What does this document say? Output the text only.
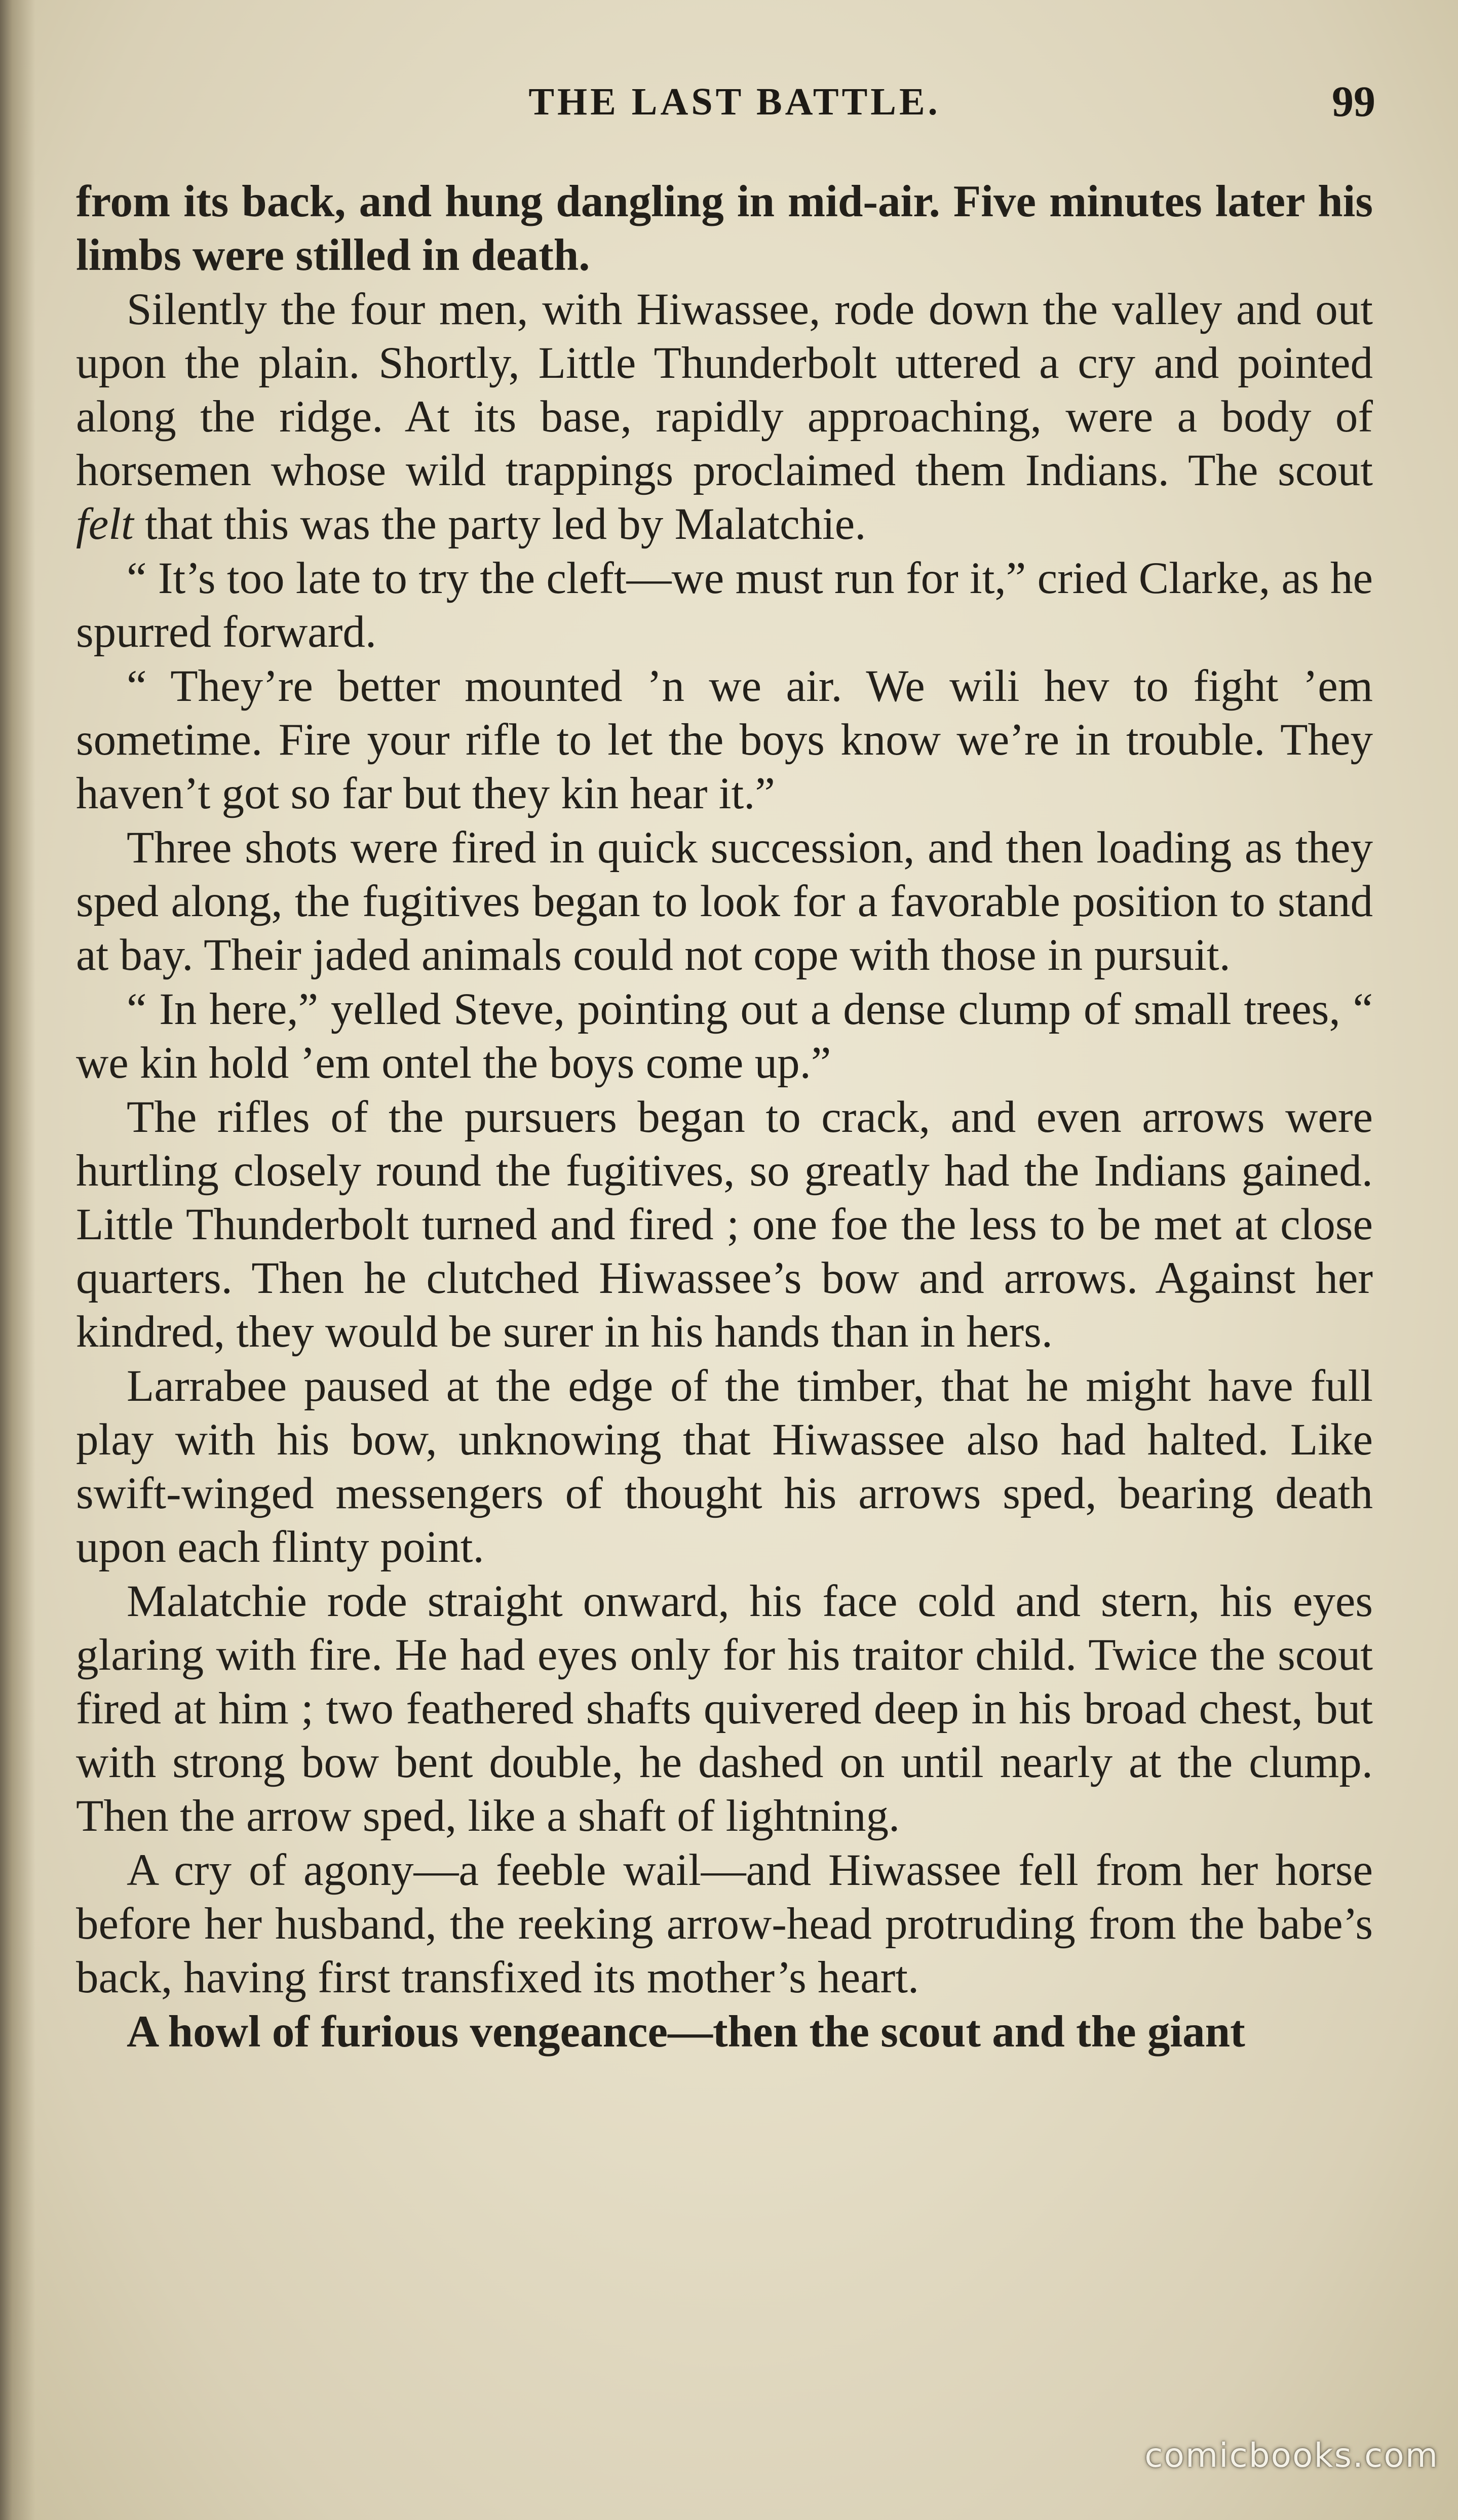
THE LAST BATTLE.	99

from its back, and hung dangling in mid-air. Five minutes later his limbs were stilled in death.

Silently the four men, with Hiwassee, rode down the valley and out upon the plain. Shortly, Little Thunderbolt uttered a cry and pointed along the ridge. At its base, rapidly approaching, were a body of horsemen whose wild trappings proclaimed them Indians. The scout felt that this was the party led by Malatchie.

“ It’s too late to try the cleft—we must run for it,” cried Clarke, as he spurred forward.

“ They’re better mounted ’n we air. We wili hev to fight ’em sometime. Fire your rifle to let the boys know we’re in trouble. They haven’t got so far but they kin hear it.”

Three shots were fired in quick succession, and then loading as they sped along, the fugitives began to look for a favorable position to stand at bay. Their jaded animals could not cope with those in pursuit.

“ In here,” yelled Steve, pointing out a dense clump of small trees, “ we kin hold ’em ontel the boys come up.”

The rifles of the pursuers began to crack, and even arrows were hurtling closely round the fugitives, so greatly had the Indians gained. Little Thunderbolt turned and fired ; one foe the less to be met at close quarters. Then he clutched Hiwassee’s bow and arrows. Against her kindred, they would be surer in his hands than in hers.

Larrabee paused at the edge of the timber, that he might have full play with his bow, unknowing that Hiwassee also had halted. Like swift-winged messengers of thought his arrows sped, bearing death upon each flinty point.

Malatchie rode straight onward, his face cold and stern, his eyes glaring with fire. He had eyes only for his traitor child. Twice the scout fired at him ; two feathered shafts quivered deep in his broad chest, but with strong bow bent double, he dashed on until nearly at the clump. Then the arrow sped, like a shaft of lightning.

A cry of agony—a feeble wail—and Hiwassee fell from her horse before her husband, the reeking arrow-head protruding from the babe’s back, having first transfixed its mother’s heart.

A howl of furious vengeance—then the scout and the giant

comicbooks.com
